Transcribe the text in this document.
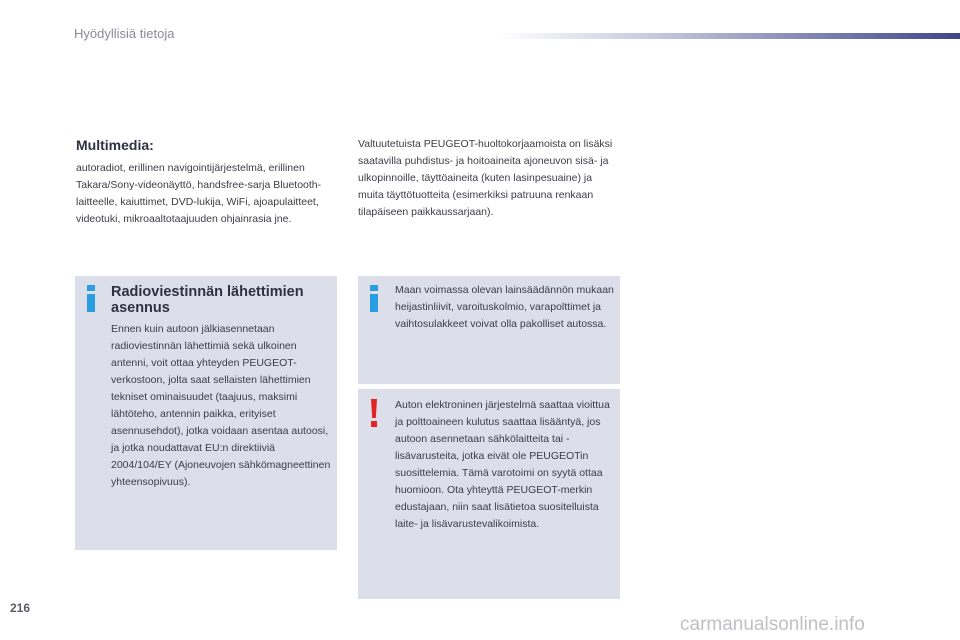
Hyödyllisiä tietoja
Multimedia:
autoradiot, erillinen navigointijärjestelmä, erillinen Takara/Sony-videonäyttö, handsfree-sarja Bluetooth-laitteelle, kaiuttimet, DVD-lukija, WiFi, ajoapulaitteet, videotuki, mikroaaltotaajuuden ohjainrasia jne.
Valtuutetuista PEUGEOT-huoltokorjaamoista on lisäksi saatavilla puhdistus- ja hoitoaineita ajoneuvon sisä- ja ulkopinnoille, täyttöaineita (kuten lasinpesuaine) ja muita täyttötuotteita (esimerkiksi patruuna renkaan tilapäiseen paikkaussarjaan).
Radioviestinnän lähettimien asennus
Ennen kuin autoon jälkiasennetaan radioviestinnän lähettimiä sekä ulkoinen antenni, voit ottaa yhteyden PEUGEOT-verkostoon, jolta saat sellaisten lähettimien tekniset ominaisuudet (taajuus, maksimi lähtöteho, antennin paikka, erityiset asennusehdot), jotka voidaan asentaa autoosi, ja jotka noudattavat EU:n direktiiviä 2004/104/EY (Ajoneuvojen sähkömagneettinen yhteensopivuus).
Maan voimassa olevan lainsäädännön mukaan heijastinliivit, varoituskolmio, varapolttimet ja vaihtosulakkeet voivat olla pakolliset autossa.
Auton elektroninen järjestelmä saattaa vioittua ja polttoaineen kulutus saattaa lisääntyä, jos autoon asennetaan sähkölaitteita tai -lisävarusteita, jotka eivät ole PEUGEOTin suosittelemia. Tämä varotoimi on syytä ottaa huomioon. Ota yhteyttä PEUGEOT-merkin edustajaan, niin saat lisätietoa suositelluista laite- ja lisävarustevalikoimista.
216
carmanualsonline.info
